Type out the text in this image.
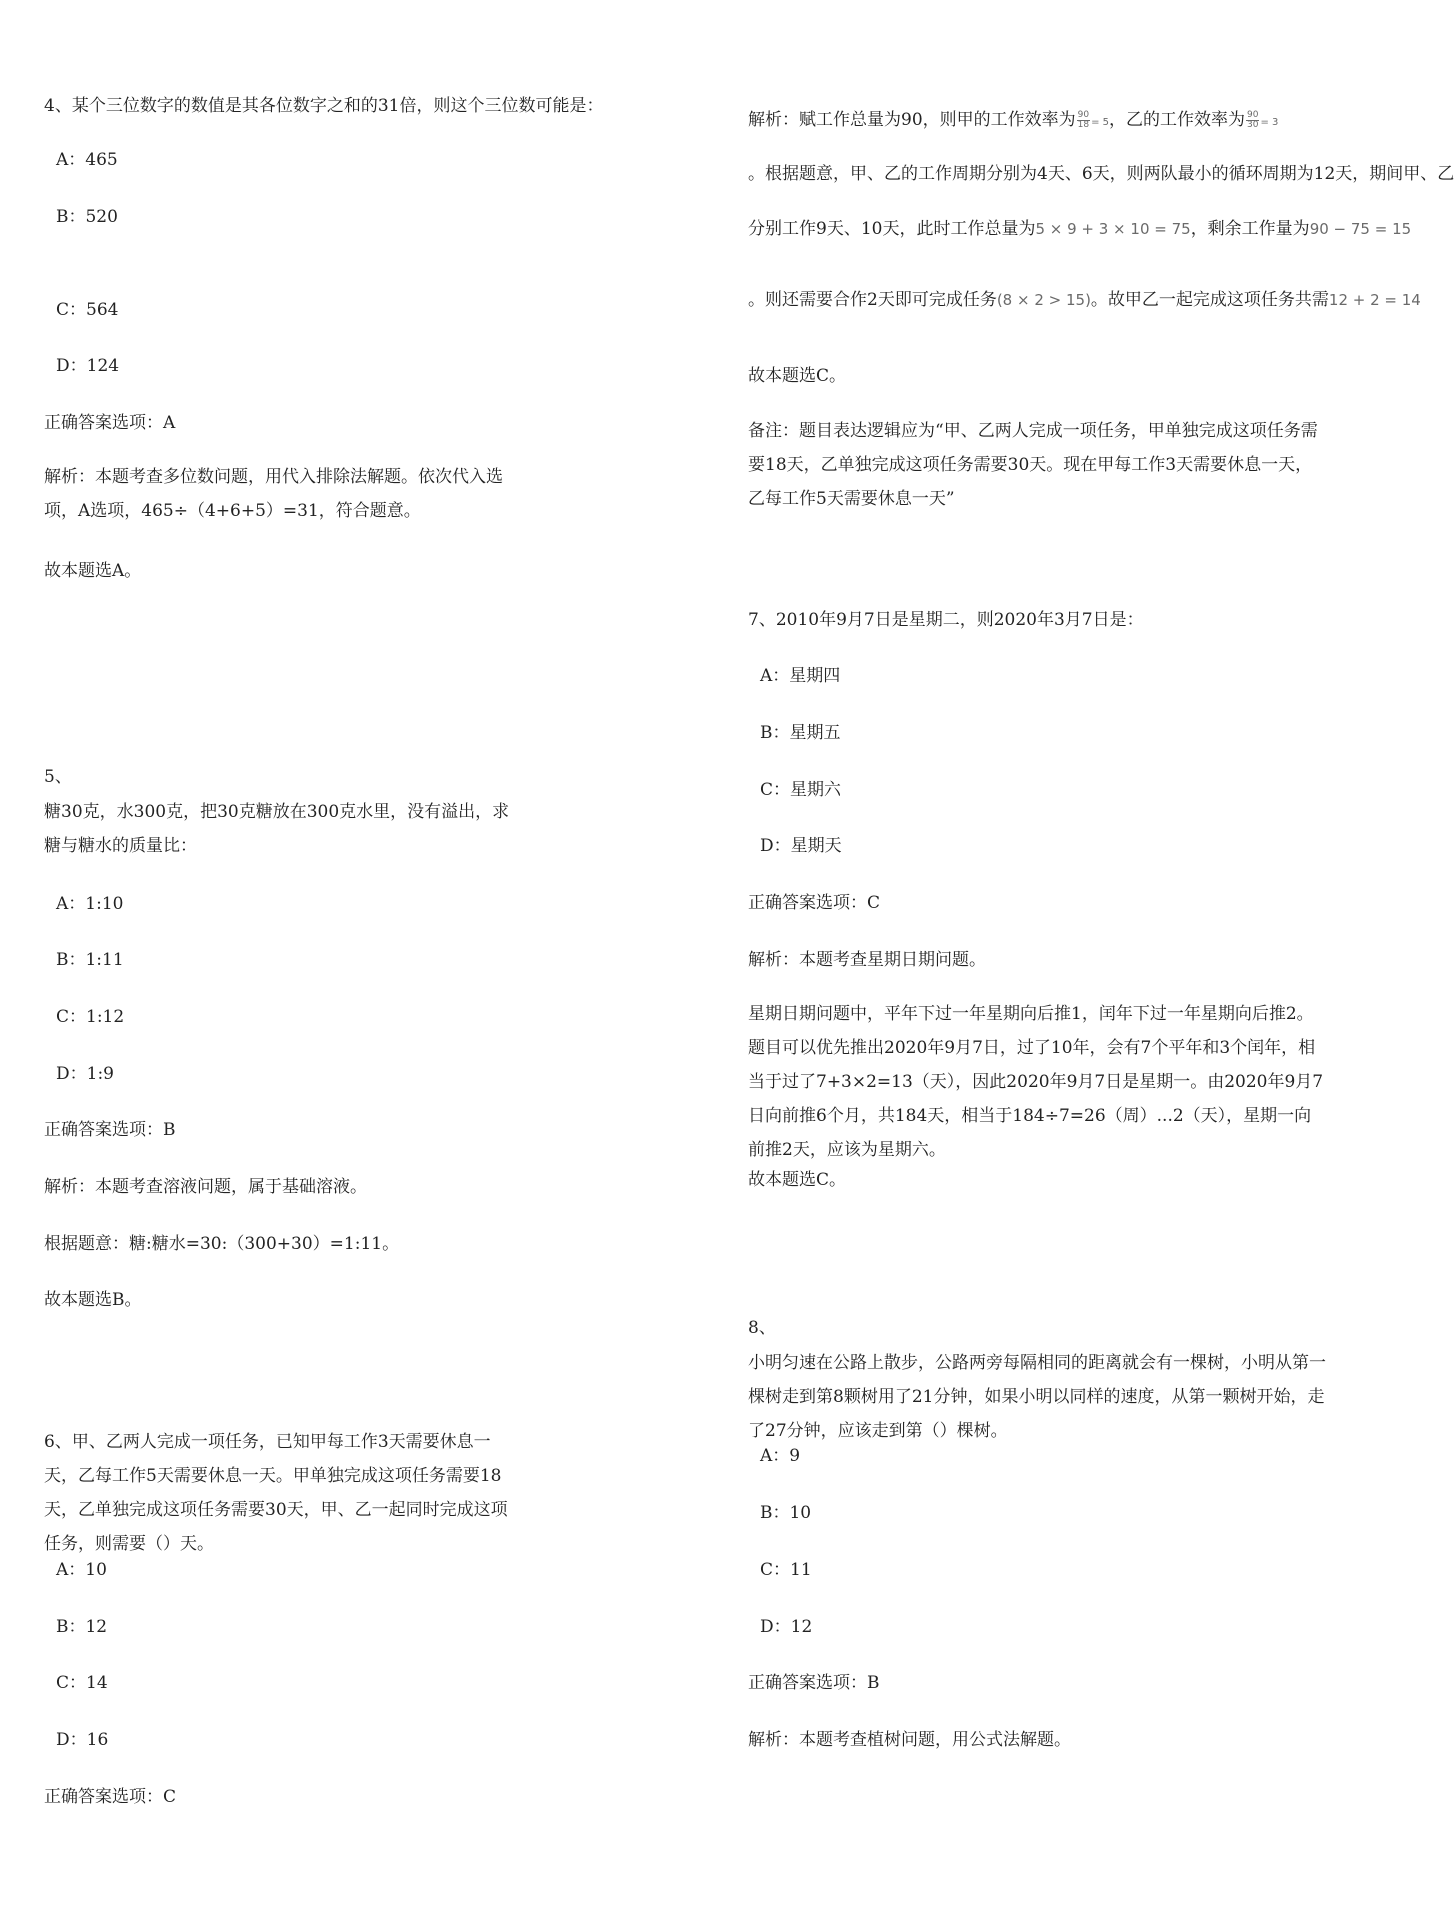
4、某个三位数字的数值是其各位数字之和的31倍，则这个三位数可能是：
A：465
B：520
C：564
D：124
正确答案选项：A
解析：本题考查多位数问题，用代入排除法解题。依次代入选项，A选项，465÷（4+6+5）=31，符合题意。
故本题选A。
5、
糖30克，水300克，把30克糖放在300克水里，没有溢出，求糖与糖水的质量比：
A：1:10
B：1:11
C：1:12
D：1:9
正确答案选项：B
解析：本题考查溶液问题，属于基础溶液。
根据题意：糖:糖水=30:（300+30）=1:11。
故本题选B。
6、甲、乙两人完成一项任务，已知甲每工作3天需要休息一天，乙每工作5天需要休息一天。甲单独完成这项任务需要18天，乙单独完成这项任务需要30天，甲、乙一起同时完成这项任务，则需要（）天。
A：10
B：12
C：14
D：16
正确答案选项：C
解析：赋工作总量为90，则甲的工作效率为 $\frac{90}{18} = 5$，乙的工作效率为 $\frac{90}{30} = 3$
。根据题意，甲、乙的工作周期分别为4天、6天，则两队最小的循环周期为12天，期间甲、乙
分别工作9天、10天，此时工作总量为5 × 9 + 3 × 10 = 75，剩余工作量为90 − 75 = 15
。则还需要合作2天即可完成任务(8 × 2 > 15)。故甲乙一起完成这项任务共需12 + 2 = 14
故本题选C。
备注：题目表达逻辑应为“甲、乙两人完成一项任务，甲单独完成这项任务需要18天，乙单独完成这项任务需要30天。现在甲每工作3天需要休息一天，乙每工作5天需要休息一天”
7、2010年9月7日是星期二，则2020年3月7日是：
A：星期四
B：星期五
C：星期六
D：星期天
正确答案选项：C
解析：本题考查星期日期问题。
星期日期问题中，平年下过一年星期向后推1，闰年下过一年星期向后推2。题目可以优先推出2020年9月7日，过了10年，会有7个平年和3个闰年，相当于过了7+3×2=13（天），因此2020年9月7日是星期一。由2020年9月7日向前推6个月，共184天，相当于184÷7=26（周）...2（天），星期一向前推2天，应该为星期六。
故本题选C。
8、
小明匀速在公路上散步，公路两旁每隔相同的距离就会有一棵树，小明从第一棵树走到第8颗树用了21分钟，如果小明以同样的速度，从第一颗树开始，走了27分钟，应该走到第（）棵树。
A：9
B：10
C：11
D：12
正确答案选项：B
解析：本题考查植树问题，用公式法解题。
